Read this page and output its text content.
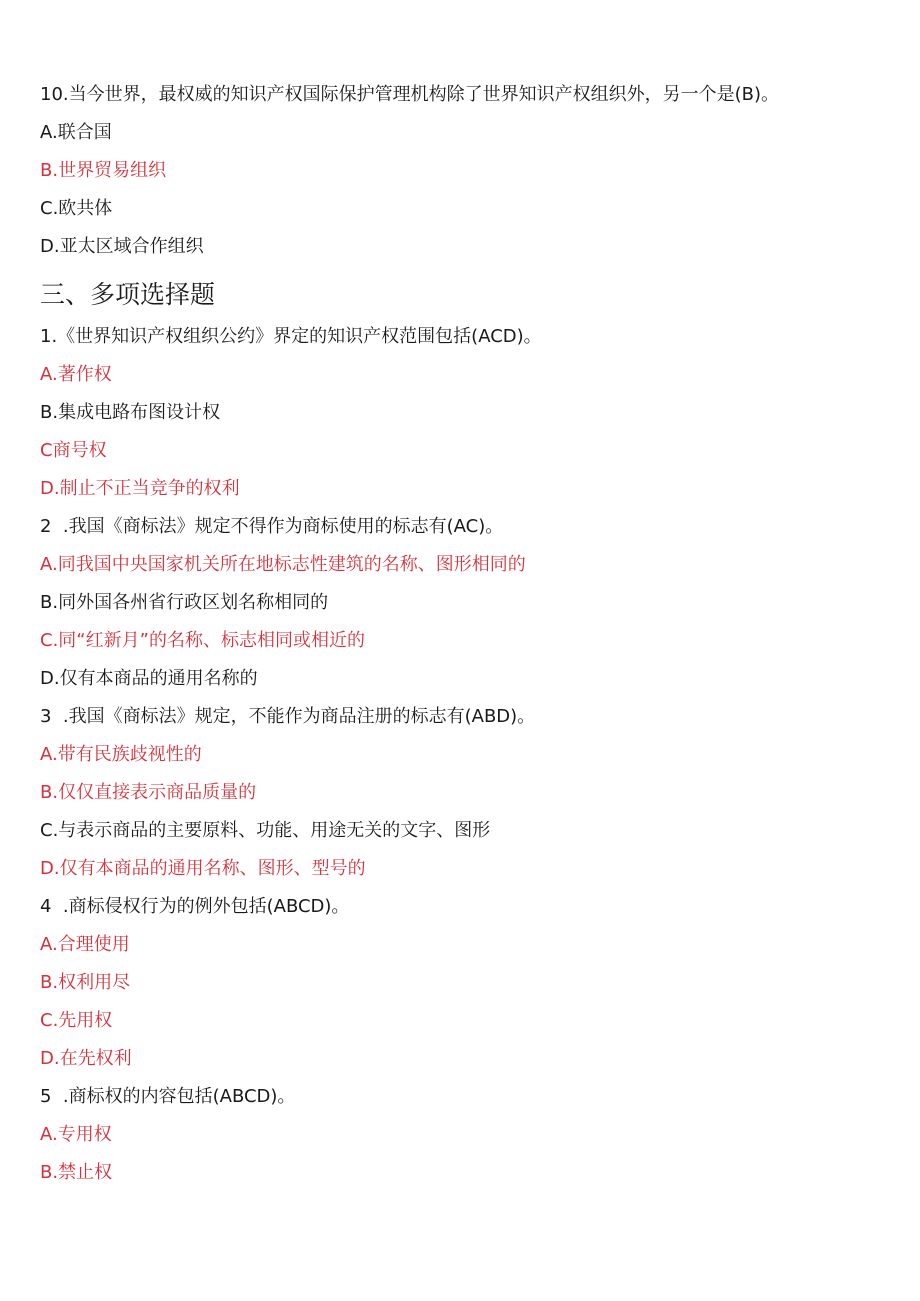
10.当今世界，最权威的知识产权国际保护管理机构除了世界知识产权组织外，另一个是(B)。
A.联合国
B.世界贸易组织
C.欧共体
D.亚太区域合作组织
三、多项选择题
1.《世界知识产权组织公约》界定的知识产权范围包括(ACD)。
A.著作权
B.集成电路布图设计权
C商号权
D.制止不正当竞争的权利
2  .我国《商标法》规定不得作为商标使用的标志有(AC)。
A.同我国中央国家机关所在地标志性建筑的名称、图形相同的
B.同外国各州省行政区划名称相同的
C.同“红新月”的名称、标志相同或相近的
D.仅有本商品的通用名称的
3  .我国《商标法》规定，不能作为商品注册的标志有(ABD)。
A.带有民族歧视性的
B.仅仅直接表示商品质量的
C.与表示商品的主要原料、功能、用途无关的文字、图形
D.仅有本商品的通用名称、图形、型号的
4  .商标侵权行为的例外包括(ABCD)。
A.合理使用
B.权利用尽
C.先用权
D.在先权利
5  .商标权的内容包括(ABCD)。
A.专用权
B.禁止权
